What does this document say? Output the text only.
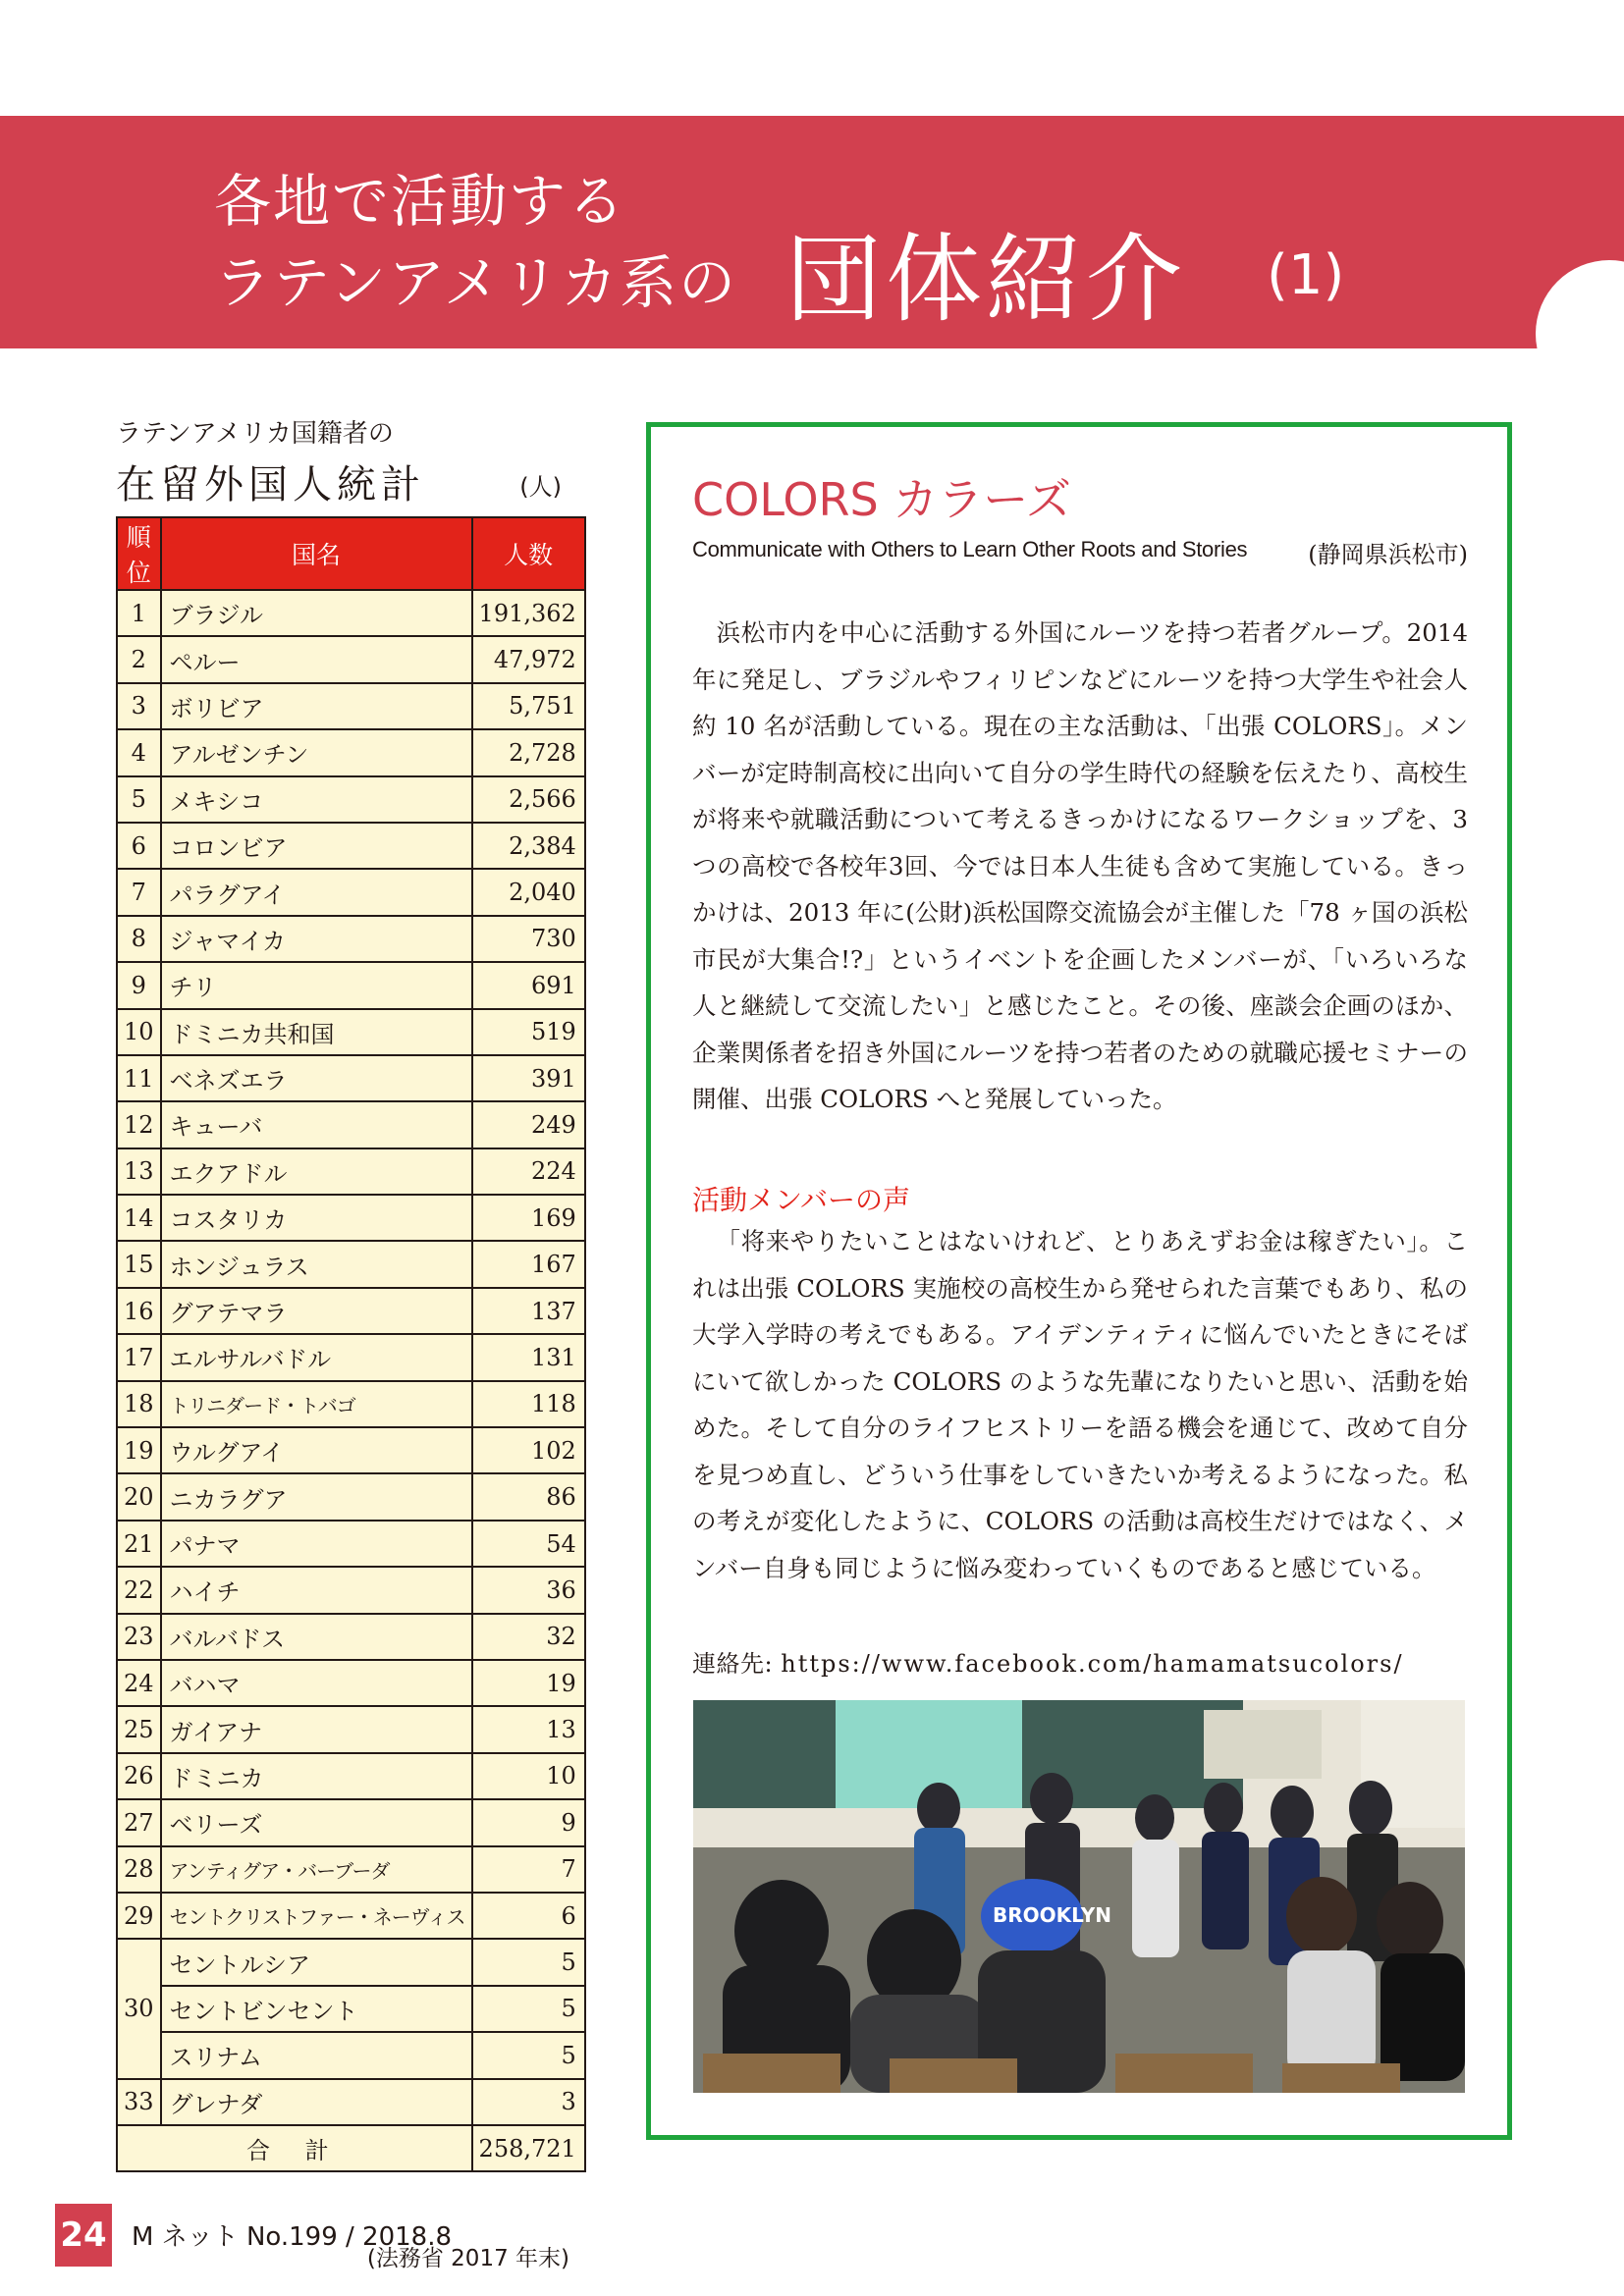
各地で活動する
ラテンアメリカ系の 団体紹介 (1)
ラテンアメリカ国籍者の
在留外国人統計	(人)
順位	国名	人数
1	ブラジル	191,362
2	ペルー	47,972
3	ボリビア	5,751
4	アルゼンチン	2,728
5	メキシコ	2,566
6	コロンビア	2,384
7	パラグアイ	2,040
8	ジャマイカ	730
9	チリ	691
10	ドミニカ共和国	519
11	ベネズエラ	391
12	キューバ	249
13	エクアドル	224
14	コスタリカ	169
15	ホンジュラス	167
16	グアテマラ	137
17	エルサルバドル	131
18	トリニダード・トバゴ	118
19	ウルグアイ	102
20	ニカラグア	86
21	パナマ	54
22	ハイチ	36
23	バルバドス	32
24	バハマ	19
25	ガイアナ	13
26	ドミニカ	10
27	ベリーズ	9
28	アンティグア・バーブーダ	7
29	セントクリストファー・ネーヴィス	6
30	セントルシア	5
	セントビンセント	5
	スリナム	5
33	グレナダ	3
合 計		258,721
(法務省 2017 年末)
COLORS カラーズ
Communicate with Others to Learn Other Roots and Stories	(静岡県浜松市)

浜松市内を中心に活動する外国にルーツを持つ若者グループ。2014 年に発足し、ブラジルやフィリピンなどにルーツを持つ大学生や社会人約 10 名が活動している。現在の主な活動は、「出張 COLORS」。メンバーが定時制高校に出向いて自分の学生時代の経験を伝えたり、高校生が将来や就職活動について考えるきっかけになるワークショップを、3つの高校で各校年3回、今では日本人生徒も含めて実施している。きっかけは、2013 年に(公財)浜松国際交流協会が主催した「78 ヶ国の浜松市民が大集合!?」というイベントを企画したメンバーが、「いろいろな人と継続して交流したい」と感じたこと。その後、座談会企画のほか、企業関係者を招き外国にルーツを持つ若者のための就職応援セミナーの開催、出張 COLORS へと発展していった。

活動メンバーの声

「将来やりたいことはないけれど、とりあえずお金は稼ぎたい」。これは出張 COLORS 実施校の高校生から発せられた言葉でもあり、私の大学入学時の考えでもある。アイデンティティに悩んでいたときにそばにいて欲しかった COLORS のような先輩になりたいと思い、活動を始めた。そして自分のライフヒストリーを語る機会を通じて、改めて自分を見つめ直し、どういう仕事をしていきたいか考えるようになった。私の考えが変化したように、COLORS の活動は高校生だけではなく、メンバー自身も同じように悩み変わっていくものであると感じている。

連絡先: https://www.facebook.com/hamamatsucolors/
BROOKLYN
24 M ネット No.199 / 2018.8
